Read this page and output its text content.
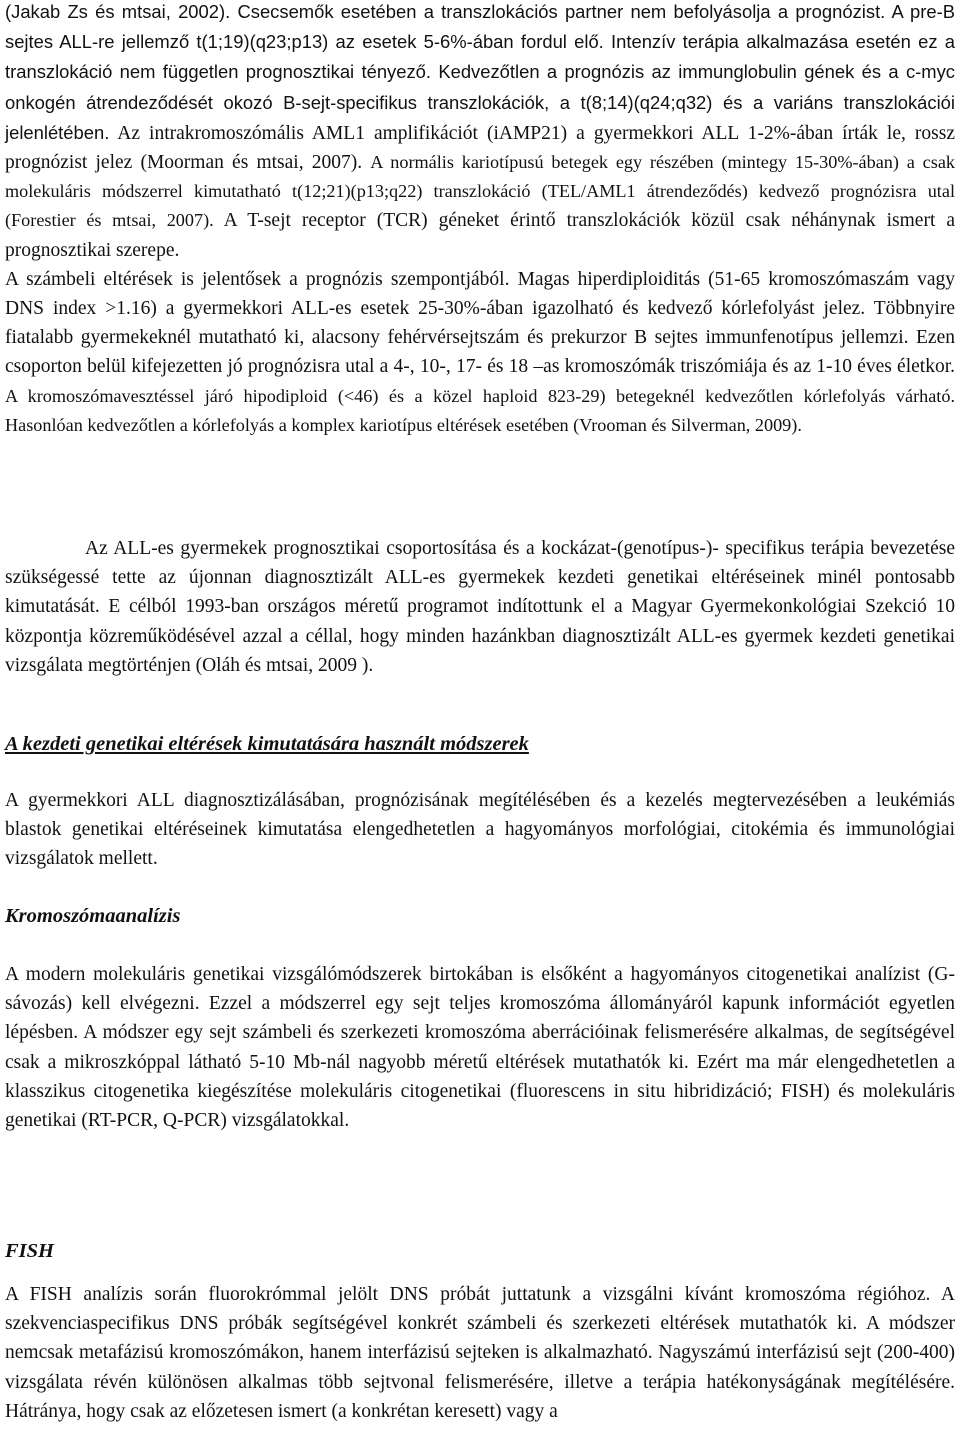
(Jakab Zs és mtsai, 2002). Csecsemők esetében a transzlokációs partner nem befolyásolja a prognózist. A pre-B sejtes ALL-re jellemző t(1;19)(q23;p13) az esetek 5-6%-ában fordul elő. Intenzív terápia alkalmazása esetén ez a transzlokáció nem független prognosztikai tényező. Kedvezőtlen a prognózis az immunglobulin gének és a c-myc onkogén átrendeződését okozó B-sejt-specifikus transzlokációk, a t(8;14)(q24;q32) és a variáns transzlokációi jelenlétében. Az intrakromoszómális AML1 amplifikációt (iAMP21) a gyermekkori ALL 1-2%-ában írták le, rossz prognózist jelez (Moorman és mtsai, 2007). A normális kariotípusú betegek egy részében (mintegy 15-30%-ában) a csak molekuláris módszerrel kimutatható t(12;21)(p13;q22) transzlokáció (TEL/AML1 átrendeződés) kedvező prognózisra utal (Forestier és mtsai, 2007). A T-sejt receptor (TCR) géneket érintő transzlokációk közül csak néhánynak ismert a prognosztikai szerepe.
A számbeli eltérések is jelentősek a prognózis szempontjából. Magas hiperdiploiditás (51-65 kromoszómaszám vagy DNS index >1.16) a gyermekkori ALL-es esetek 25-30%-ában igazolható és kedvező kórlefolyást jelez. Többnyire fiatalabb gyermekeknél mutatható ki, alacsony fehérvérsejtszám és prekurzor B sejtes immunfenotípus jellemzi. Ezen csoporton belül kifejezetten jó prognózisra utal a 4-, 10-, 17- és 18 –as kromoszómák triszómiája és az 1-10 éves életkor. A kromoszómavesztéssel járó hipodiploid (<46) és a közel haploid 823-29) betegeknél kedvezőtlen kórlefolyás várható. Hasonlóan kedvezőtlen a kórlefolyás a komplex kariotípus eltérések esetében (Vrooman és Silverman, 2009).

Az ALL-es gyermekek prognosztikai csoportosítása és a kockázat-(genotípus-)- specifikus terápia bevezetése szükségessé tette az újonnan diagnosztizált ALL-es gyermekek kezdeti genetikai eltéréseinek minél pontosabb kimutatását. E célból 1993-ban országos méretű programot indítottunk el a Magyar Gyermekonkológiai Szekció 10 központja közreműködésével azzal a céllal, hogy minden hazánkban diagnosztizált ALL-es gyermek kezdeti genetikai vizsgálata megtörténjen (Oláh és mtsai, 2009 ).

A kezdeti genetikai eltérések kimutatására használt módszerek

A gyermekkori ALL diagnosztizálásában, prognózisának megítélésében és a kezelés megtervezésében a leukémiás blastok genetikai eltéréseinek kimutatása elengedhetetlen a hagyományos morfológiai, citokémia és immunológiai vizsgálatok mellett.

Kromoszómaanalízis

A modern molekuláris genetikai vizsgálómódszerek birtokában is elsőként a hagyományos citogenetikai analízist (G-sávozás) kell elvégezni. Ezzel a módszerrel egy sejt teljes kromoszóma állományáról kapunk információt egyetlen lépésben. A módszer egy sejt számbeli és szerkezeti kromoszóma aberrációinak felismerésére alkalmas, de segítségével csak a mikroszkóppal látható 5-10 Mb-nál nagyobb méretű eltérések mutathatók ki. Ezért ma már elengedhetetlen a klasszikus citogenetika kiegészítése molekuláris citogenetikai (fluorescens in situ hibridizáció; FISH) és molekuláris genetikai (RT-PCR, Q-PCR) vizsgálatokkal.

FISH

A FISH analízis során fluorokrómmal jelölt DNS próbát juttatunk a vizsgálni kívánt kromoszóma régióhoz. A szekvenciaspecifikus DNS próbák segítségével konkrét számbeli és szerkezeti eltérések mutathatók ki. A módszer nemcsak metafázisú kromoszómákon, hanem interfázisú sejteken is alkalmazható. Nagyszámú interfázisú sejt (200-400) vizsgálata révén különösen alkalmas több sejtvonal felismerésére, illetve a terápia hatékonyságának megítélésére. Hátránya, hogy csak az előzetesen ismert (a konkrétan keresett) vagy a
